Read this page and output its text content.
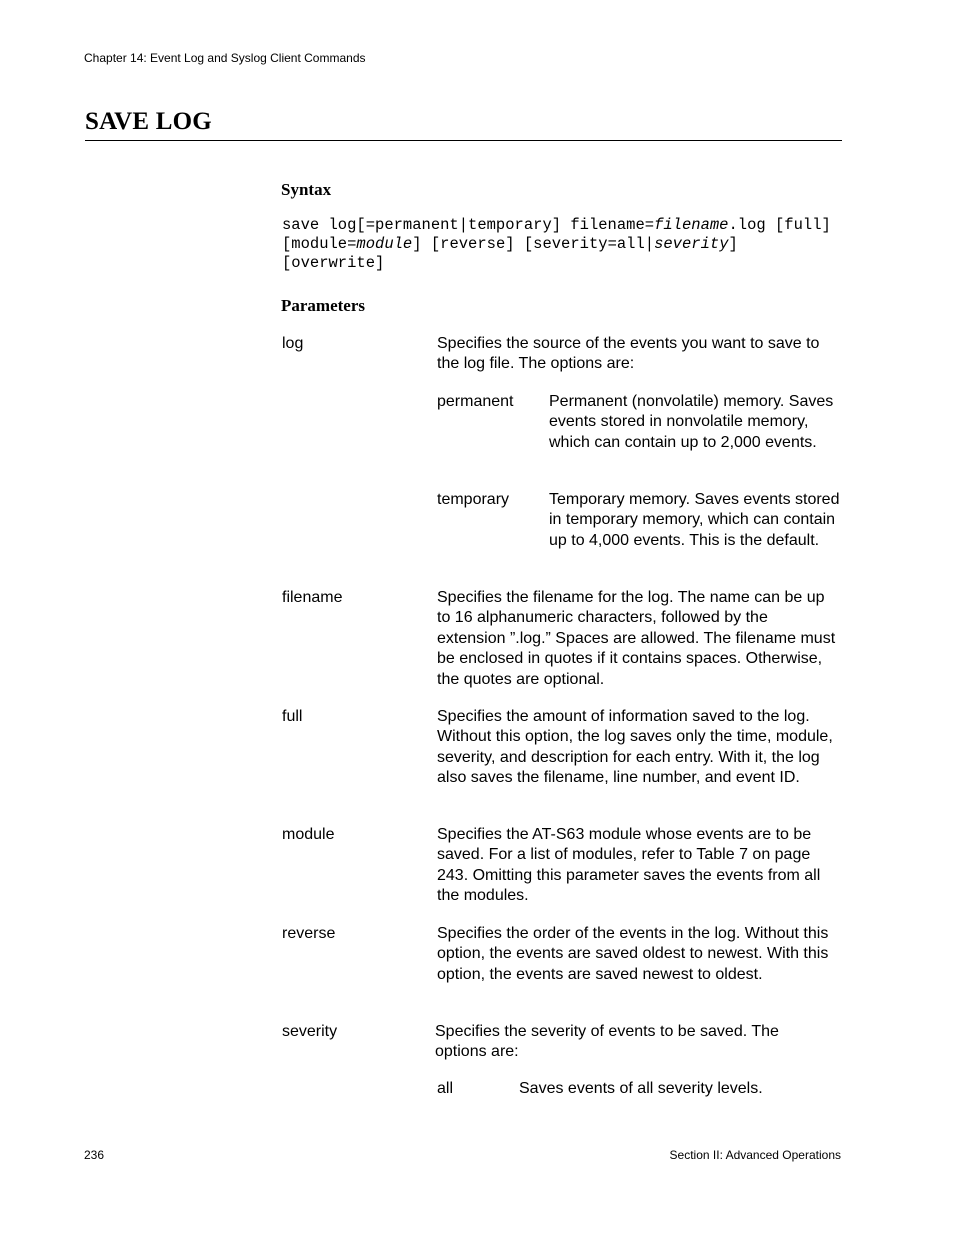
Chapter 14: Event Log and Syslog Client Commands
SAVE LOG
Syntax
save log[=permanent|temporary] filename=filename.log [full]
[module=module] [reverse] [severity=all|severity]
[overwrite]
Parameters
log	Specifies the source of the events you want to save to the log file. The options are:
permanent Permanent (nonvolatile) memory. Saves events stored in nonvolatile memory, which can contain up to 2,000 events.
temporary Temporary memory. Saves events stored in temporary memory, which can contain up to 4,000 events. This is the default.
filename	Specifies the filename for the log. The name can be up to 16 alphanumeric characters, followed by the extension ”.log.” Spaces are allowed. The filename must be enclosed in quotes if it contains spaces. Otherwise, the quotes are optional.
full	Specifies the amount of information saved to the log. Without this option, the log saves only the time, module, severity, and description for each entry. With it, the log also saves the filename, line number, and event ID.
module	Specifies the AT-S63 module whose events are to be saved. For a list of modules, refer to Table 7 on page 243. Omitting this parameter saves the events from all the modules.
reverse	Specifies the order of the events in the log. Without this option, the events are saved oldest to newest. With this option, the events are saved newest to oldest.
severity	Specifies the severity of events to be saved. The options are:
all	Saves events of all severity levels.
236	Section II: Advanced Operations
